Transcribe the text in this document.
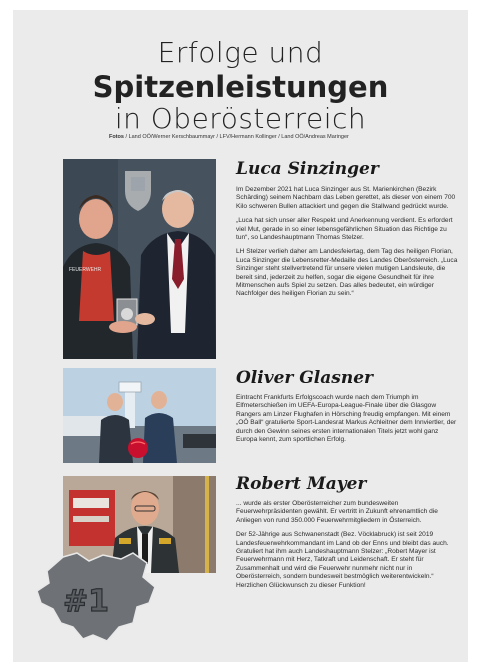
Erfolge und
Spitzenleistungen
in Oberösterreich
Fotos / Land OÖ/Werner Kerschbaummayr / LFV/Hermann Kollinger / Land OÖ/Andreas Maringer
FEUERWEHR
Luca Sinzinger

Im Dezember 2021 hat Luca Sinzinger aus St. Marienkirchen (Bezirk Schärding) seinem Nachbarn das Leben gerettet, als dieser von einem 700 Kilo schweren Bullen attackiert und gegen die Stallwand gedrückt wurde.

„Luca hat sich unser aller Respekt und Anerkennung verdient. Es erfordert viel Mut, gerade in so einer lebensgefährlichen Situation das Richtige zu tun“, so Landeshauptmann Thomas Stelzer.

LH Stelzer verlieh daher am Landesfeiertag, dem Tag des heiligen Florian, Luca Sinzinger die Lebensretter-Medaille des Landes Oberösterreich. „Luca Sinzinger steht stellvertretend für unsere vielen mutigen Landsleute, die bereit sind, jederzeit zu helfen, sogar die eigene Gesundheit für ihre Mitmenschen aufs Spiel zu setzen. Das alles bedeutet, ein würdiger Nachfolger des heiligen Florian zu sein.“

Oliver Glasner

Eintracht Frankfurts Erfolgscoach wurde nach dem Triumph im Elfmeterschießen im UEFA-Europa-League-Finale über die Glasgow Rangers am Linzer Flughafen in Hörsching freudig empfangen. Mit einem „OÖ Ball“ gratulierte Sport-Landesrat Markus Achleitner dem Innviertler, der durch den Gewinn seines ersten internationalen Titels jetzt wohl ganz Europa kennt, zum sportlichen Erfolg.

#1
Robert Mayer

... wurde als erster Oberösterreicher zum bundesweiten Feuerwehrpräsidenten gewählt. Er vertritt in Zukunft ehrenamtlich die Anliegen von rund 350.000 Feuerwehrmitgliedern in Österreich.

Der 52-Jährige aus Schwanenstadt (Bez. Vöcklabruck) ist seit 2019 Landesfeuerwehrkommandant im Land ob der Enns und bleibt das auch. Gratuliert hat ihm auch Landeshauptmann Stelzer: „Robert Mayer ist Feuerwehrmann mit Herz, Tatkraft und Leidenschaft. Er steht für Zusammenhalt und wird die Feuerwehr nunmehr nicht nur in Oberösterreich, sondern bundesweit bestmöglich weiterentwickeln.“ Herzlichen Glückwunsch zu dieser Funktion!
